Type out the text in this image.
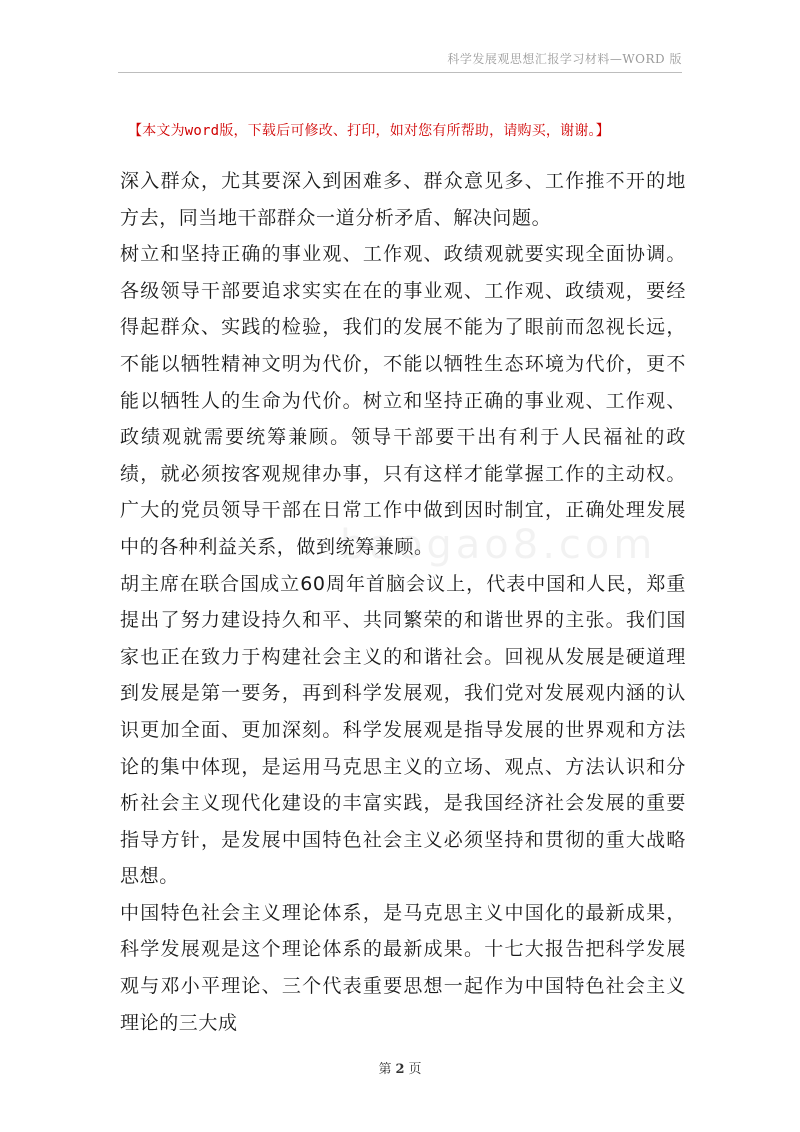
科学发展观思想汇报学习材料—WORD 版
【本文为word版，下载后可修改、打印，如对您有所帮助，请购买，谢谢。】
baogao8.com

深入群众，尤其要深入到困难多、群众意见多、工作推不开的地方去，同当地干部群众一道分析矛盾、解决问题。

树立和坚持正确的事业观、工作观、政绩观就要实现全面协调。各级领导干部要追求实实在在的事业观、工作观、政绩观，要经得起群众、实践的检验，我们的发展不能为了眼前而忽视长远，不能以牺牲精神文明为代价，不能以牺牲生态环境为代价，更不能以牺牲人的生命为代价。树立和坚持正确的事业观、工作观、政绩观就需要统筹兼顾。领导干部要干出有利于人民福祉的政绩，就必须按客观规律办事，只有这样才能掌握工作的主动权。广大的党员领导干部在日常工作中做到因时制宜，正确处理发展中的各种利益关系，做到统筹兼顾。

胡主席在联合国成立60周年首脑会议上，代表中国和人民，郑重提出了努力建设持久和平、共同繁荣的和谐世界的主张。我们国家也正在致力于构建社会主义的和谐社会。回视从发展是硬道理到发展是第一要务，再到科学发展观，我们党对发展观内涵的认识更加全面、更加深刻。科学发展观是指导发展的世界观和方法论的集中体现，是运用马克思主义的立场、观点、方法认识和分析社会主义现代化建设的丰富实践，是我国经济社会发展的重要指导方针，是发展中国特色社会主义必须坚持和贯彻的重大战略思想。

中国特色社会主义理论体系，是马克思主义中国化的最新成果，科学发展观是这个理论体系的最新成果。十七大报告把科学发展观与邓小平理论、三个代表重要思想一起作为中国特色社会主义理论的三大成

第 2 页
